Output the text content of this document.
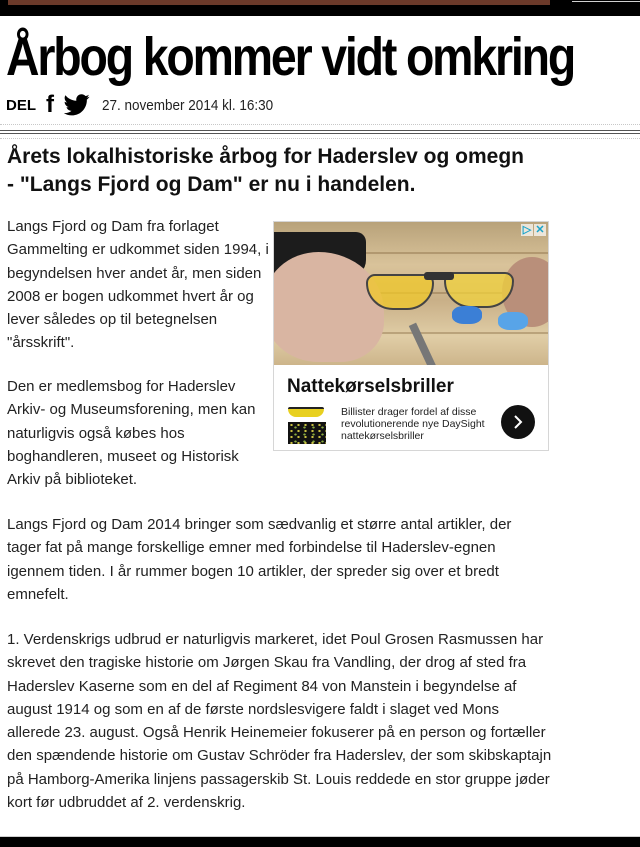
Årbog kommer vidt omkring
DEL f	27. november 2014 kl. 16:30
Årets lokalhistoriske årbog for Haderslev og omegn - "Langs Fjord og Dam" er nu i handelen.

Langs Fjord og Dam fra forlaget Gammelting er udkommet siden 1994, i begyndelsen hver andet år, men siden 2008 er bogen udkommet hvert år og lever således op til betegnelsen "årsskrift".

Den er medlemsbog for Haderslev Arkiv- og Museumsforening, men kan naturligvis også købes hos boghandleren, museet og Historisk Arkiv på biblioteket.

▷ ✕
Nattekørselsbriller
Billister drager fordel af disse revolutionerende nye DaySight nattekørselsbriller

Langs Fjord og Dam 2014 bringer som sædvanlig et større antal artikler, der tager fat på mange forskellige emner med forbindelse til Haderslev-egnen igennem tiden. I år rummer bogen 10 artikler, der spreder sig over et bredt emnefelt.

1. Verdenskrigs udbrud er naturligvis markeret, idet Poul Grosen Rasmussen har skrevet den tragiske historie om Jørgen Skau fra Vandling, der drog af sted fra Haderslev Kaserne som en del af Regiment 84 von Manstein i begyndelse af august 1914 og som en af de første nordslesvigere faldt i slaget ved Mons allerede 23. august. Også Henrik Heinemeier fokuserer på en person og fortæller den spændende historie om Gustav Schröder fra Haderslev, der som skibskaptajn på Hamborg-Amerika linjens passagerskib St. Louis reddede en stor gruppe jøder kort før udbruddet af 2. verdenskrig.
